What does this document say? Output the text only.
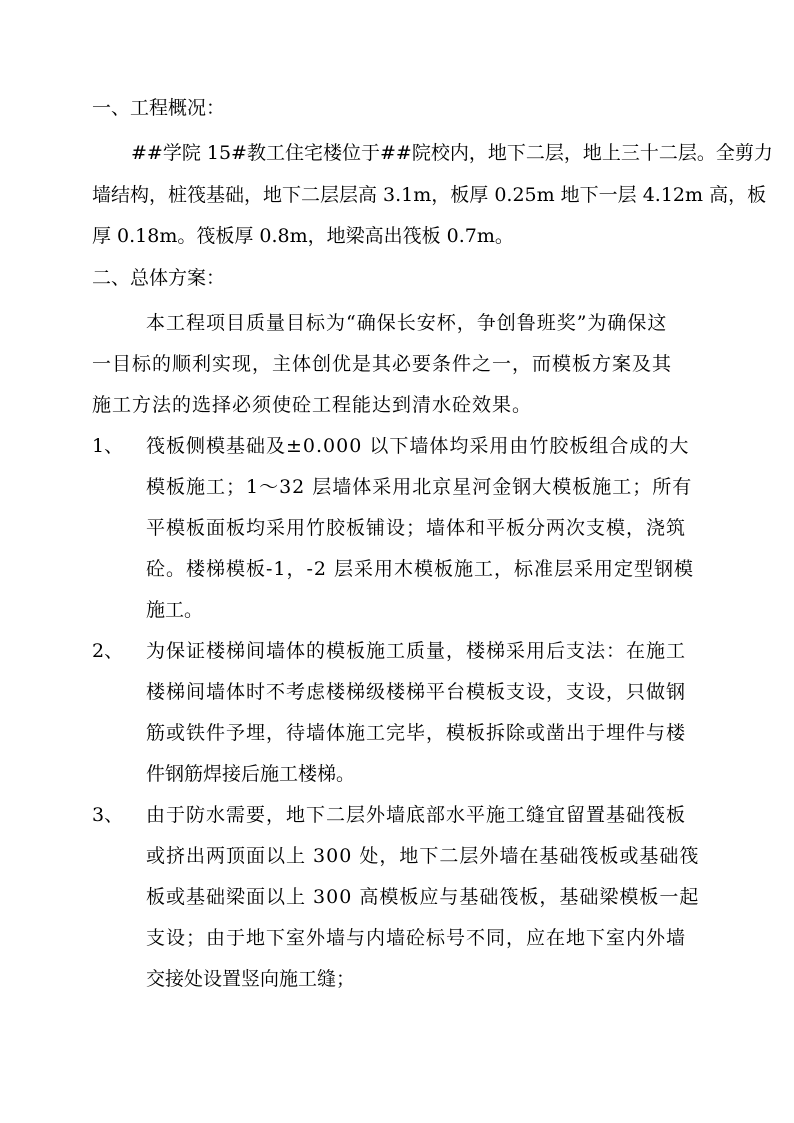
一、工程概况：
##学院 15#教工住宅楼位于##院校内，地下二层，地上三十二层。全剪力
墙结构，桩筏基础，地下二层层高 3.1m，板厚 0.25m 地下一层 4.12m 高，板
厚 0.18m。筏板厚 0.8m，地梁高出筏板 0.7m。
二、总体方案：
本工程项目质量目标为“确保长安杯，争创鲁班奖”为确保这
一目标的顺利实现，主体创优是其必要条件之一，而模板方案及其
施工方法的选择必须使砼工程能达到清水砼效果。
1、 筏板侧模基础及±0.000 以下墙体均采用由竹胶板组合成的大
模板施工；1～32 层墙体采用北京星河金钢大模板施工；所有
平模板面板均采用竹胶板铺设；墙体和平板分两次支模，浇筑
砼。楼梯模板-1，-2 层采用木模板施工，标准层采用定型钢模
施工。
2、 为保证楼梯间墙体的模板施工质量，楼梯采用后支法：在施工
楼梯间墙体时不考虑楼梯级楼梯平台模板支设，支设，只做钢
筋或铁件予埋，待墙体施工完毕，模板拆除或凿出于埋件与楼
件钢筋焊接后施工楼梯。
3、 由于防水需要，地下二层外墙底部水平施工缝宜留置基础筏板
或挤出两顶面以上 300 处，地下二层外墙在基础筏板或基础筏
板或基础梁面以上 300 高模板应与基础筏板，基础梁模板一起
支设；由于地下室外墙与内墙砼标号不同，应在地下室内外墙
交接处设置竖向施工缝；
